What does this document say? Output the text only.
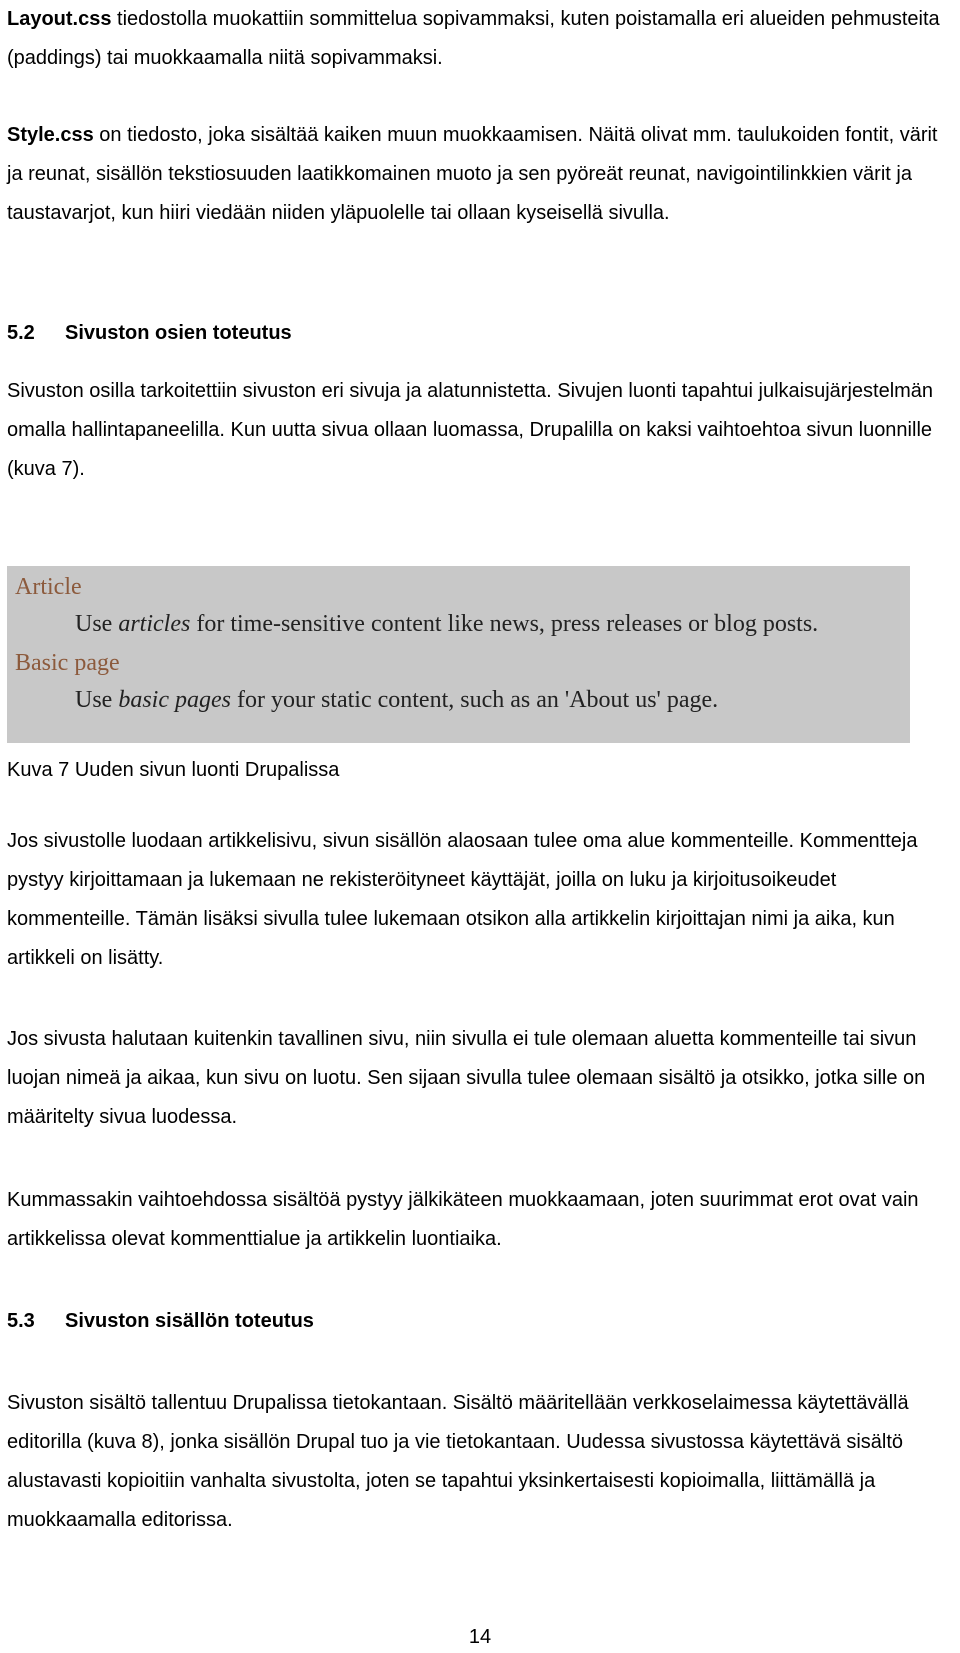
Layout.css tiedostolla muokattiin sommittelua sopivammaksi, kuten poistamalla eri alueiden pehmusteita (paddings) tai muokkaamalla niitä sopivammaksi.

Style.css on tiedosto, joka sisältää kaiken muun muokkaamisen. Näitä olivat mm. taulukoiden fontit, värit ja reunat, sisällön tekstiosuuden laatikkomainen muoto ja sen pyöreät reunat, navigointilinkkien värit ja taustavarjot, kun hiiri viedään niiden yläpuolelle tai ollaan kyseisellä sivulla.

5.2 Sivuston osien toteutus

Sivuston osilla tarkoitettiin sivuston eri sivuja ja alatunnistetta. Sivujen luonti tapahtui julkaisujärjestelmän omalla hallintapaneelilla. Kun uutta sivua ollaan luomassa, Drupalilla on kaksi vaihtoehtoa sivun luonnille (kuva 7).

Article
Use articles for time-sensitive content like news, press releases or blog posts.
Basic page
Use basic pages for your static content, such as an 'About us' page.
Kuva 7 Uuden sivun luonti Drupalissa

Jos sivustolle luodaan artikkelisivu, sivun sisällön alaosaan tulee oma alue kommenteille. Kommentteja pystyy kirjoittamaan ja lukemaan ne rekisteröityneet käyttäjät, joilla on luku ja kirjoitusoikeudet kommenteille. Tämän lisäksi sivulla tulee lukemaan otsikon alla artikkelin kirjoittajan nimi ja aika, kun artikkeli on lisätty.

Jos sivusta halutaan kuitenkin tavallinen sivu, niin sivulla ei tule olemaan aluetta kommenteille tai sivun luojan nimeä ja aikaa, kun sivu on luotu. Sen sijaan sivulla tulee olemaan sisältö ja otsikko, jotka sille on määritelty sivua luodessa.

Kummassakin vaihtoehdossa sisältöä pystyy jälkikäteen muokkaamaan, joten suurimmat erot ovat vain artikkelissa olevat kommenttialue ja artikkelin luontiaika.

5.3 Sivuston sisällön toteutus

Sivuston sisältö tallentuu Drupalissa tietokantaan. Sisältö määritellään verkkoselaimessa käytettävällä editorilla (kuva 8), jonka sisällön Drupal tuo ja vie tietokantaan. Uudessa sivustossa käytettävä sisältö alustavasti kopioitiin vanhalta sivustolta, joten se tapahtui yksinkertaisesti kopioimalla, liittämällä ja muokkaamalla editorissa.

14
